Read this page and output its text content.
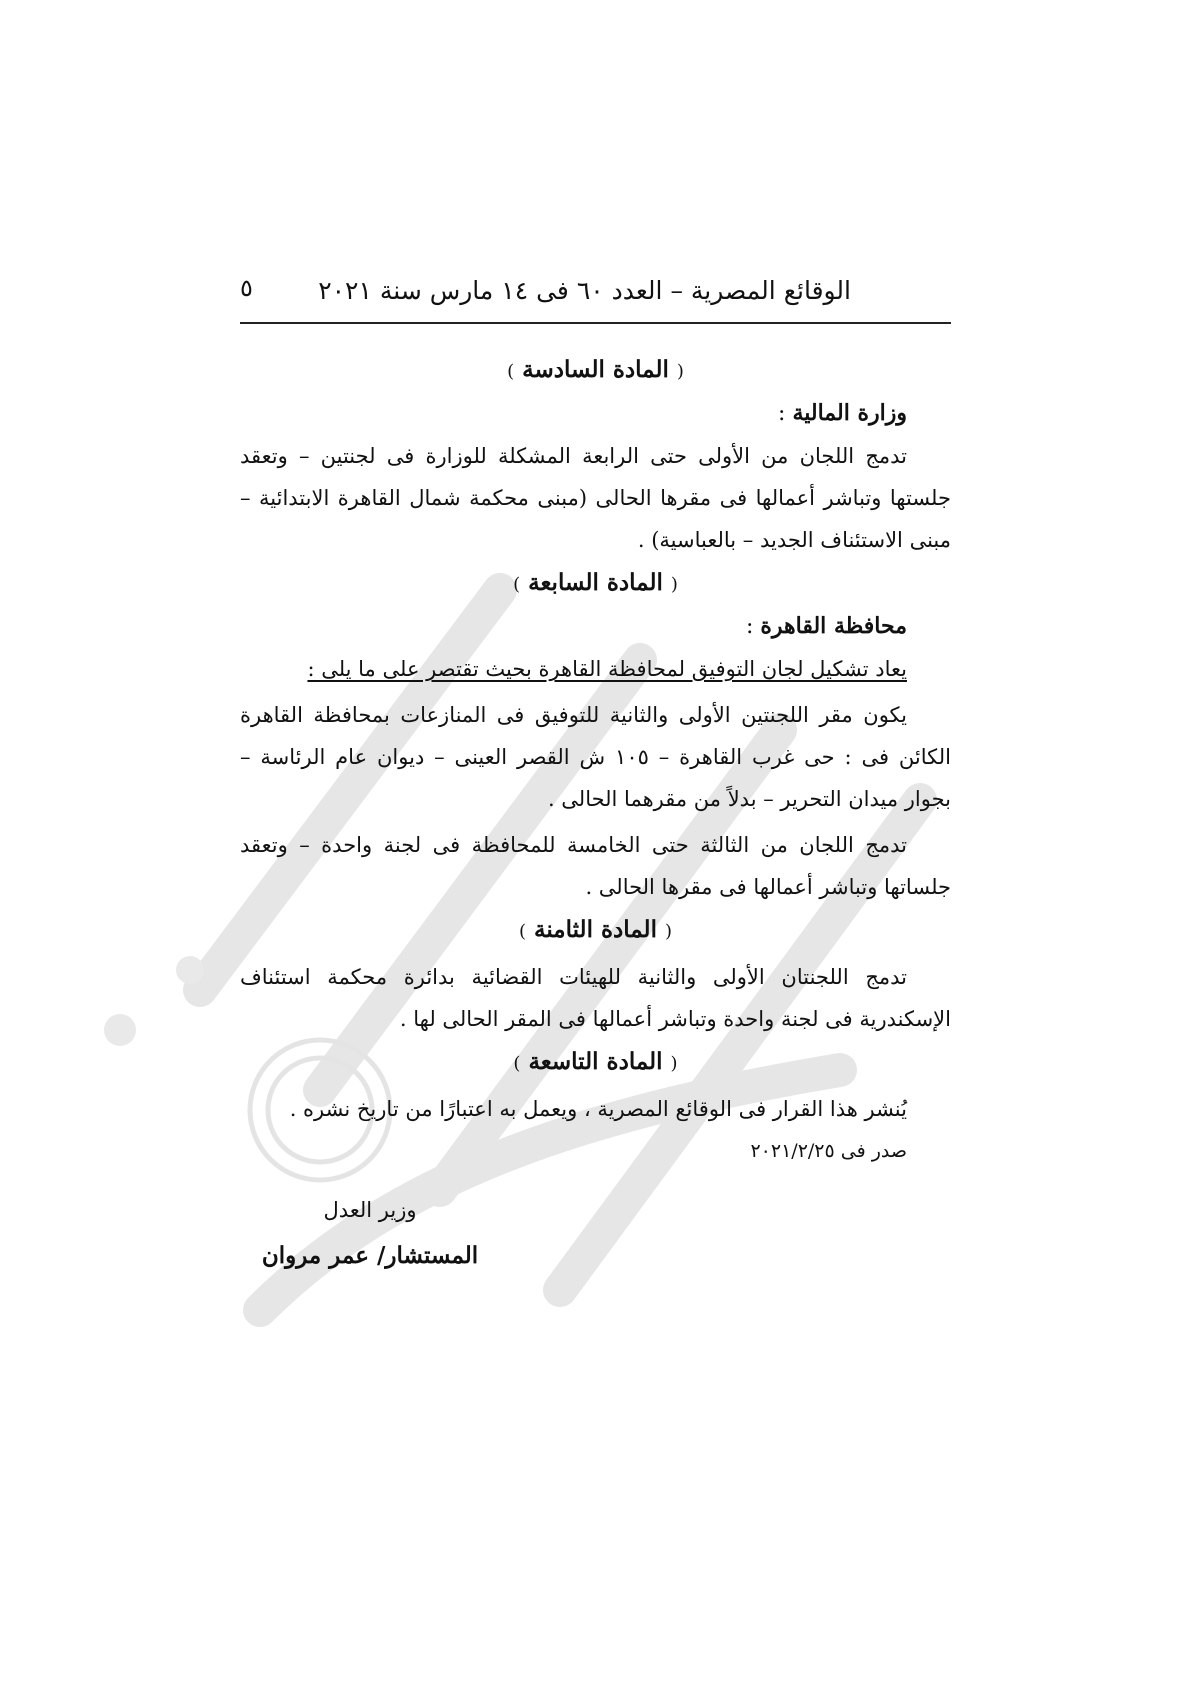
الوقائع المصرية – العدد ٦٠ فى ١٤ مارس سنة ٢٠٢١
٥
( المادة السادسة )
وزارة المالية :

تدمج اللجان من الأولى حتى الرابعة المشكلة للوزارة فى لجنتين – وتعقد جلستها وتباشر أعمالها فى مقرها الحالى (مبنى محكمة شمال القاهرة الابتدائية – مبنى الاستئناف الجديد – بالعباسية) .

( المادة السابعة )
محافظة القاهرة :

يعاد تشكيل لجان التوفيق لمحافظة القاهرة بحيث تقتصر على ما يلى :

يكون مقر اللجنتين الأولى والثانية للتوفيق فى المنازعات بمحافظة القاهرة الكائن فى : حى غرب القاهرة – ١٠٥ ش القصر العينى – ديوان عام الرئاسة – بجوار ميدان التحرير – بدلاً من مقرهما الحالى .

تدمج اللجان من الثالثة حتى الخامسة للمحافظة فى لجنة واحدة – وتعقد جلساتها وتباشر أعمالها فى مقرها الحالى .

( المادة الثامنة )

تدمج اللجنتان الأولى والثانية للهيئات القضائية بدائرة محكمة استئناف الإسكندرية فى لجنة واحدة وتباشر أعمالها فى المقر الحالى لها .

( المادة التاسعة )

يُنشر هذا القرار فى الوقائع المصرية ، ويعمل به اعتبارًا من تاريخ نشره .

صدر فى ٢٠٢١/٢/٢٥
وزير العدل
المستشار/ عمر مروان
